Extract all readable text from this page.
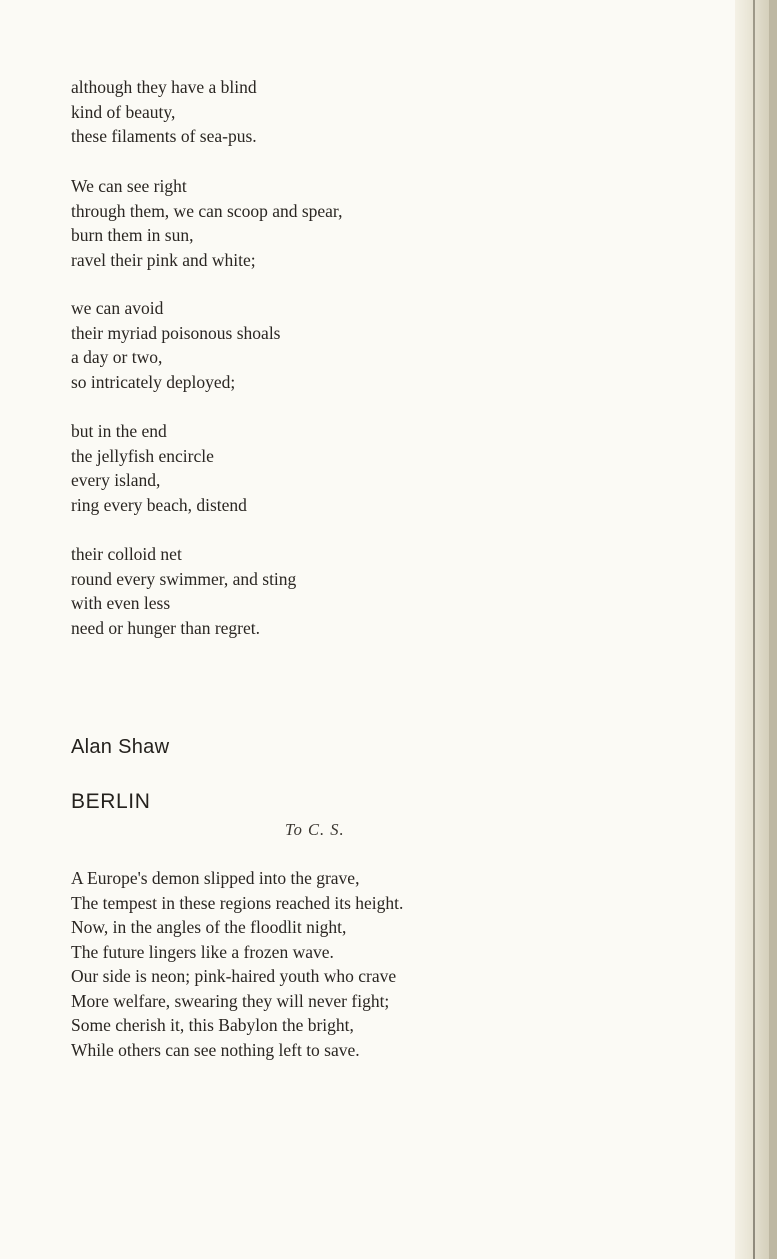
although they have a blind
kind of beauty,
these filaments of sea-pus.

We can see right
through them, we can scoop and spear,
burn them in sun,
ravel their pink and white;

we can avoid
their myriad poisonous shoals
a day or two,
so intricately deployed;

but in the end
the jellyfish encircle
every island,
ring every beach, distend

their colloid net
round every swimmer, and sting
with even less
need or hunger than regret.

Alan Shaw
BERLIN
To C. S.
A Europe's demon slipped into the grave,
The tempest in these regions reached its height.
Now, in the angles of the floodlit night,
The future lingers like a frozen wave.
Our side is neon; pink-haired youth who crave
More welfare, swearing they will never fight;
Some cherish it, this Babylon the bright,
While others can see nothing left to save.
